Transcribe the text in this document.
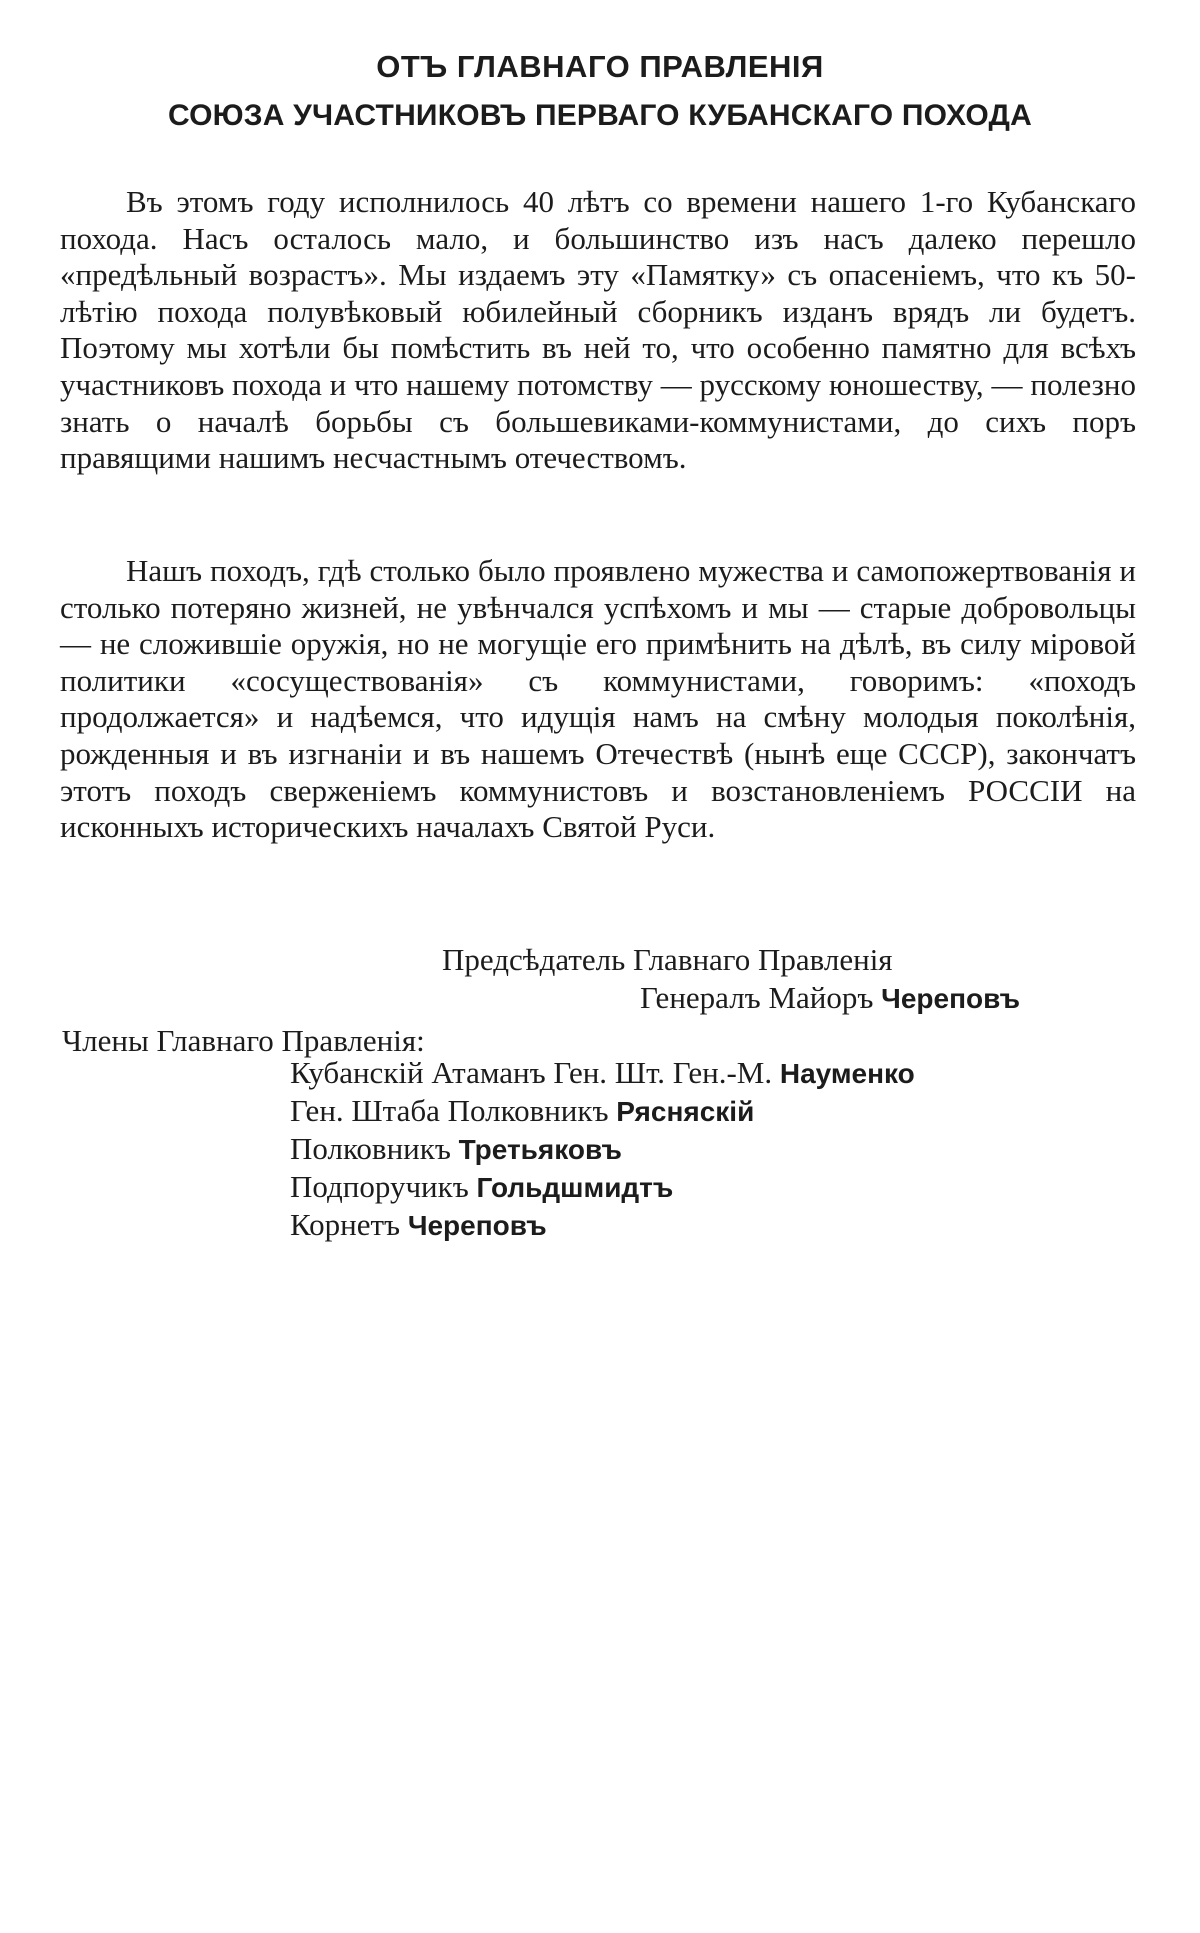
ОТЪ ГЛАВНАГО ПРАВЛЕНІЯ
СОЮЗА УЧАСТНИКОВЪ ПЕРВАГО КУБАНСКАГО ПОХОДА

Въ этомъ году исполнилось 40 лѣтъ со времени нашего 1-го Кубанскаго похода. Насъ осталось мало, и большинство изъ насъ далеко перешло «предѣльный возрастъ». Мы издаемъ эту «Памятку» съ опасеніемъ, что къ 50-лѣтію похода полувѣковый юбилейный сборникъ изданъ врядъ ли будетъ. Поэтому мы хотѣли бы помѣстить въ ней то, что особенно памятно для всѣхъ участниковъ похода и что нашему потомству — русскому юношеству, — полезно знать о началѣ борьбы съ большевиками-коммунистами, до сихъ поръ правящими нашимъ несчастнымъ отечествомъ.

Нашъ походъ, гдѣ столько было проявлено мужества и самопожертвованія и столько потеряно жизней, не увѣнчался успѣхомъ и мы — старые добровольцы — не сложившіе оружія, но не могущіе его примѣнить на дѣлѣ, въ силу міровой политики «сосуществованія» съ коммунистами, говоримъ: «походъ продолжается» и надѣемся, что идущія намъ на смѣну молодыя поколѣнія, рожденныя и въ изгнаніи и въ нашемъ Отечествѣ (нынѣ еще СССР), закончатъ этотъ походъ сверженіемъ коммунистовъ и возстановленіемъ РОССІИ на исконныхъ историческихъ началахъ Святой Руси.

Предсѣдатель Главнаго Правленія
Генералъ Майоръ Череповъ
Члены Главнаго Правленія:
Кубанскій Атаманъ Ген. Шт. Ген.-М. Науменко
Ген. Штаба Полковникъ Рясняскій
Полковникъ Третьяковъ
Подпоручикъ Гольдшмидтъ
Корнетъ Череповъ
